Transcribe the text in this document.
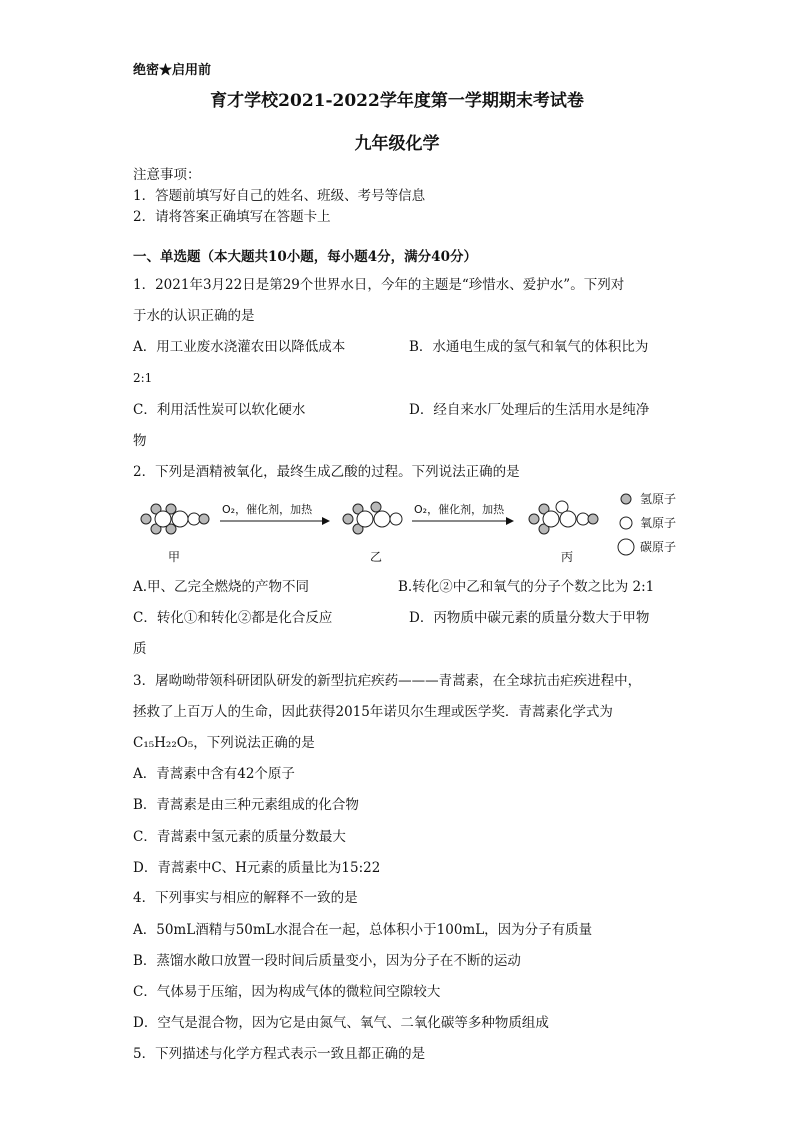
绝密★启用前
育才学校2021-2022学年度第一学期期末考试卷
九年级化学
注意事项：
1．答题前填写好自己的姓名、班级、考号等信息
2．请将答案正确填写在答题卡上
一、单选题（本大题共10小题，每小题4分，满分40分）
1．2021年3月22日是第29个世界水日，今年的主题是“珍惜水、爱护水”。下列对
于水的认识正确的是
A．用工业废水浇灌农田以降低成本	B．水通电生成的氢气和氧气的体积比为
2:1
C．利用活性炭可以软化硬水	D．经自来水厂处理后的生活用水是纯净
物
2．下列是酒精被氧化，最终生成乙酸的过程。下列说法正确的是
甲
O₂，催化剂，加热
乙
O₂，催化剂，加热
丙
氢原子
氧原子
碳原子
A.甲、乙完全燃烧的产物不同	B.转化②中乙和氧气的分子个数之比为 2:1
C．转化①和转化②都是化合反应	D．丙物质中碳元素的质量分数大于甲物
质
3．屠呦呦带领科研团队研发的新型抗疟疾药———青蒿素，在全球抗击疟疾进程中，
拯救了上百万人的生命，因此获得2015年诺贝尔生理或医学奖．青蒿素化学式为
C₁₅H₂₂O₅，下列说法正确的是
A．青蒿素中含有42个原子
B．青蒿素是由三种元素组成的化合物
C．青蒿素中氢元素的质量分数最大
D．青蒿素中C、H元素的质量比为15:22
4．下列事实与相应的解释不一致的是
A．50mL酒精与50mL水混合在一起，总体积小于100mL，因为分子有质量
B．蒸馏水敞口放置一段时间后质量变小，因为分子在不断的运动
C．气体易于压缩，因为构成气体的微粒间空隙较大
D．空气是混合物，因为它是由氮气、氧气、二氧化碳等多种物质组成
5．下列描述与化学方程式表示一致且都正确的是
